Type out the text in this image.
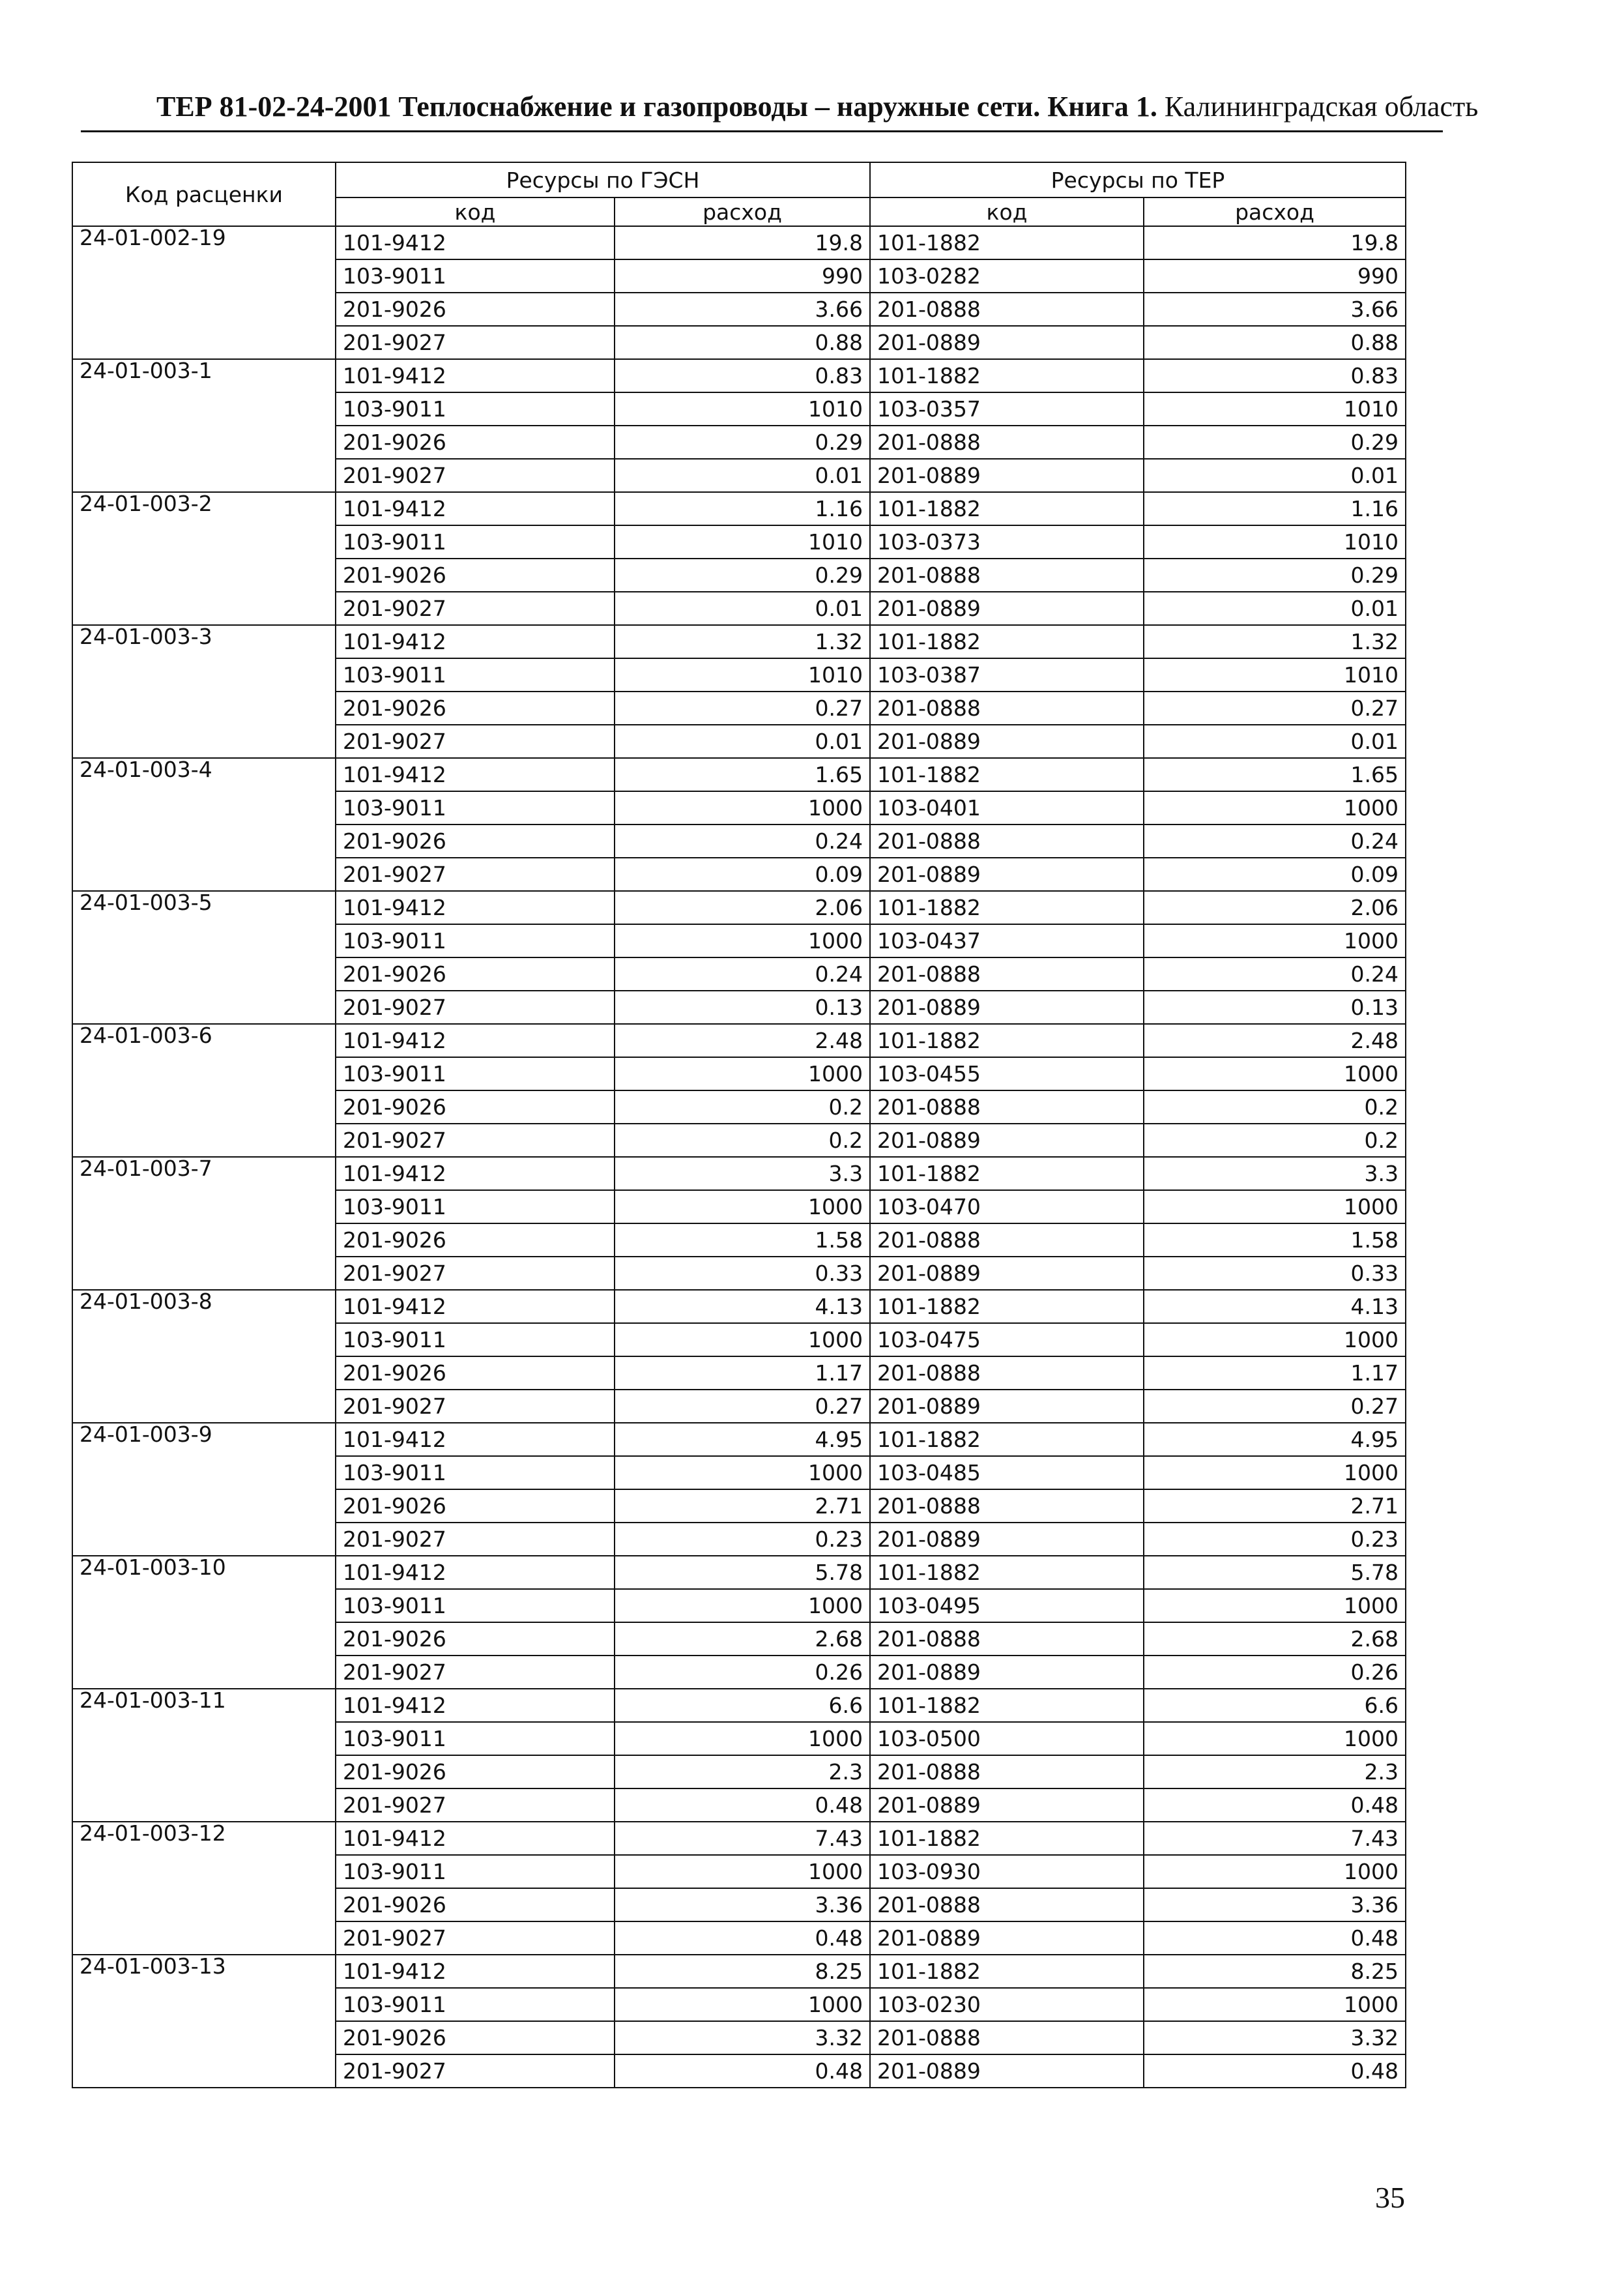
ТЕР 81-02-24-2001 Теплоснабжение и газопроводы – наружные сети. Книга 1. Калининградская область
Код расценки	Ресурсы по ГЭСН		Ресурсы по ТЕР	
	код	расход	код	расход
24-01-002-19	101-9412	19.8	101-1882	19.8
	103-9011	990	103-0282	990
	201-9026	3.66	201-0888	3.66
	201-9027	0.88	201-0889	0.88
24-01-003-1	101-9412	0.83	101-1882	0.83
	103-9011	1010	103-0357	1010
	201-9026	0.29	201-0888	0.29
	201-9027	0.01	201-0889	0.01
24-01-003-2	101-9412	1.16	101-1882	1.16
	103-9011	1010	103-0373	1010
	201-9026	0.29	201-0888	0.29
	201-9027	0.01	201-0889	0.01
24-01-003-3	101-9412	1.32	101-1882	1.32
	103-9011	1010	103-0387	1010
	201-9026	0.27	201-0888	0.27
	201-9027	0.01	201-0889	0.01
24-01-003-4	101-9412	1.65	101-1882	1.65
	103-9011	1000	103-0401	1000
	201-9026	0.24	201-0888	0.24
	201-9027	0.09	201-0889	0.09
24-01-003-5	101-9412	2.06	101-1882	2.06
	103-9011	1000	103-0437	1000
	201-9026	0.24	201-0888	0.24
	201-9027	0.13	201-0889	0.13
24-01-003-6	101-9412	2.48	101-1882	2.48
	103-9011	1000	103-0455	1000
	201-9026	0.2	201-0888	0.2
	201-9027	0.2	201-0889	0.2
24-01-003-7	101-9412	3.3	101-1882	3.3
	103-9011	1000	103-0470	1000
	201-9026	1.58	201-0888	1.58
	201-9027	0.33	201-0889	0.33
24-01-003-8	101-9412	4.13	101-1882	4.13
	103-9011	1000	103-0475	1000
	201-9026	1.17	201-0888	1.17
	201-9027	0.27	201-0889	0.27
24-01-003-9	101-9412	4.95	101-1882	4.95
	103-9011	1000	103-0485	1000
	201-9026	2.71	201-0888	2.71
	201-9027	0.23	201-0889	0.23
24-01-003-10	101-9412	5.78	101-1882	5.78
	103-9011	1000	103-0495	1000
	201-9026	2.68	201-0888	2.68
	201-9027	0.26	201-0889	0.26
24-01-003-11	101-9412	6.6	101-1882	6.6
	103-9011	1000	103-0500	1000
	201-9026	2.3	201-0888	2.3
	201-9027	0.48	201-0889	0.48
24-01-003-12	101-9412	7.43	101-1882	7.43
	103-9011	1000	103-0930	1000
	201-9026	3.36	201-0888	3.36
	201-9027	0.48	201-0889	0.48
24-01-003-13	101-9412	8.25	101-1882	8.25
	103-9011	1000	103-0230	1000
	201-9026	3.32	201-0888	3.32
	201-9027	0.48	201-0889	0.48
35
